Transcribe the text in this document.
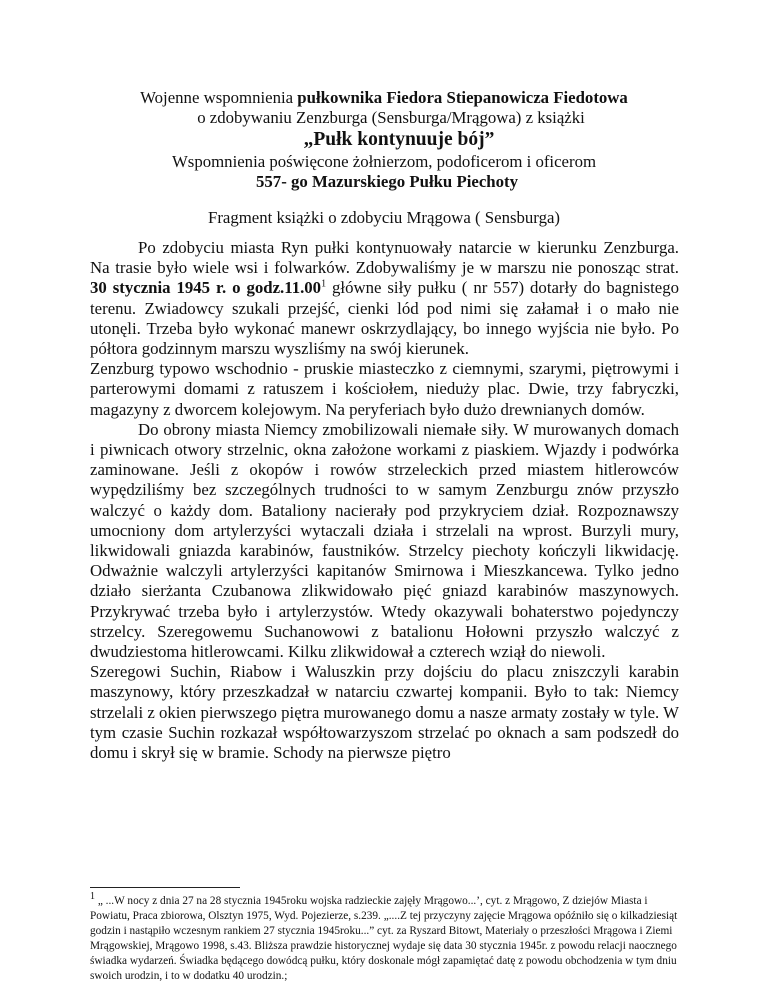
Wojenne wspomnienia pułkownika Fiedora Stiepanowicza Fiedotowa
o zdobywaniu Zenzburga (Sensburga/Mrągowa) z książki
„Pułk kontynuuje bój”
Wspomnienia poświęcone żołnierzom, podoficerom i oficerom
557- go Mazurskiego Pułku Piechoty
Fragment książki o zdobyciu Mrągowa ( Sensburga)

Po zdobyciu miasta Ryn pułki kontynuowały natarcie w kierunku Zenzburga. Na trasie było wiele wsi i folwarków. Zdobywaliśmy je w marszu nie ponosząc strat. 30 stycznia 1945 r. o godz.11.00$^1$ główne siły pułku ( nr 557) dotarły do bagnistego terenu. Zwiadowcy szukali przejść, cienki lód pod nimi się załamał i o mało nie utonęli. Trzeba było wykonać manewr oskrzydlający, bo innego wyjścia nie było. Po półtora godzinnym marszu wyszliśmy na swój kierunek.

Zenzburg typowo wschodnio - pruskie miasteczko z ciemnymi, szarymi, piętrowymi i parterowymi domami z ratuszem i kościołem, nieduży plac. Dwie, trzy fabryczki, magazyny z dworcem kolejowym. Na peryferiach było dużo drewnianych domów.

Do obrony miasta Niemcy zmobilizowali niemałe siły. W murowanych domach i piwnicach otwory strzelnic, okna założone workami z piaskiem. Wjazdy i podwórka zaminowane. Jeśli z okopów i rowów strzeleckich przed miastem hitlerowców wypędziliśmy bez szczególnych trudności to w samym Zenzburgu znów przyszło walczyć o każdy dom. Bataliony nacierały pod przykryciem dział. Rozpoznawszy umocniony dom artylerzyści wytaczali działa i strzelali na wprost. Burzyli mury, likwidowali gniazda karabinów, faustników. Strzelcy piechoty kończyli likwidację. Odważnie walczyli artylerzyści kapitanów Smirnowa i Mieszkancewa. Tylko jedno działo sierżanta Czubanowa zlikwidowało pięć gniazd karabinów maszynowych. Przykrywać trzeba było i artylerzystów. Wtedy okazywali bohaterstwo pojedynczy strzelcy. Szeregowemu Suchanowowi z batalionu Hołowni przyszło walczyć z dwudziestoma hitlerowcami. Kilku zlikwidował a czterech wziął do niewoli.

Szeregowi Suchin, Riabow i Waluszkin przy dojściu do placu zniszczyli karabin maszynowy, który przeszkadzał w natarciu czwartej kompanii. Było to tak: Niemcy strzelali z okien pierwszego piętra murowanego domu a nasze armaty zostały w tyle. W tym czasie Suchin rozkazał współtowarzyszom strzelać po oknach a sam podszedł do domu i skrył się w bramie. Schody na pierwsze piętro

$^1$ „ ...W nocy z dnia 27 na 28 stycznia 1945roku wojska radzieckie zajęły Mrągowo...’, cyt. z Mrągowo, Z dziejów Miasta i Powiatu, Praca zbiorowa, Olsztyn 1975, Wyd. Pojezierze, s.239. „....Z tej przyczyny zajęcie Mrągowa opóźniło się o kilkadziesiąt godzin i nastąpiło wczesnym rankiem 27 stycznia 1945roku...” cyt. za Ryszard Bitowt, Materiały o przeszłości Mrągowa i Ziemi Mrągowskiej, Mrągowo 1998, s.43. Bliższa prawdzie historycznej wydaje się data 30 stycznia 1945r. z powodu relacji naocznego świadka wydarzeń. Świadka będącego dowódcą pułku, który doskonale mógł zapamiętać datę z powodu obchodzenia w tym dniu swoich urodzin, i to w dodatku 40 urodzin.;
